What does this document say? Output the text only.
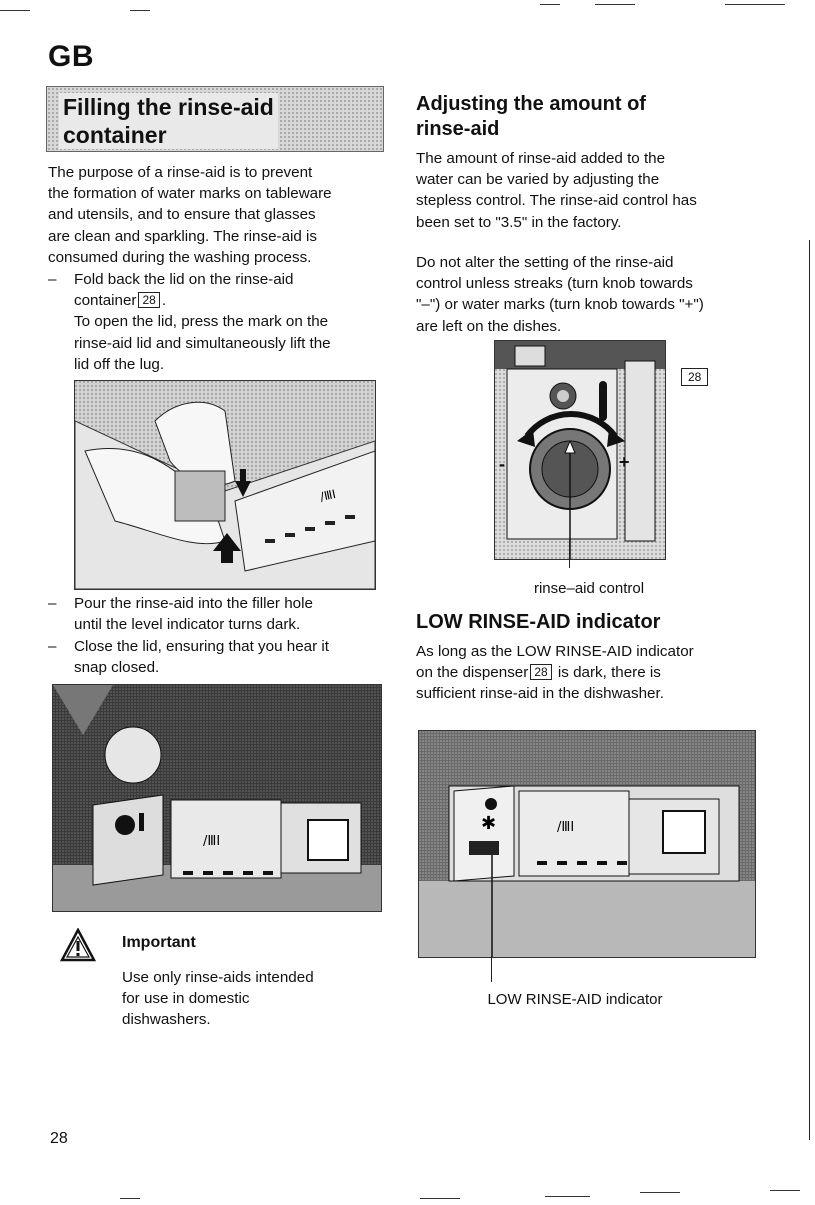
GB
Filling the rinse-aid
container
The purpose of a rinse-aid is to prevent
the formation of water marks on tableware
and utensils, and to ensure that glasses
are clean and sparkling. The rinse-aid is
consumed during the washing process.
– Fold back the lid on the rinse-aid
container 28 .
To open the lid, press the mark on the
rinse-aid lid and simultaneously lift the
lid off the lug.
/ⅢⅠ
– Pour the rinse-aid into the filler hole
until the level indicator turns dark.
– Close the lid, ensuring that you hear it
snap closed.
/ⅢⅠ
Important
Use only rinse-aids intended
for use in domestic
dishwashers.
28
Adjusting the amount of
rinse-aid
The amount of rinse-aid added to the
water can be varied by adjusting the
stepless control. The rinse-aid control has
been set to "3.5" in the factory.
Do not alter the setting of the rinse-aid
control unless streaks (turn knob towards
"–") or water marks (turn knob towards "+")
are left on the dishes.
-	+
28
rinse–aid control
LOW RINSE-AID indicator
As long as the LOW RINSE-AID indicator
on the dispenser 28 is dark, there is
sufficient rinse-aid in the dishwasher.
/ⅢⅠ
✱
LOW RINSE-AID indicator
